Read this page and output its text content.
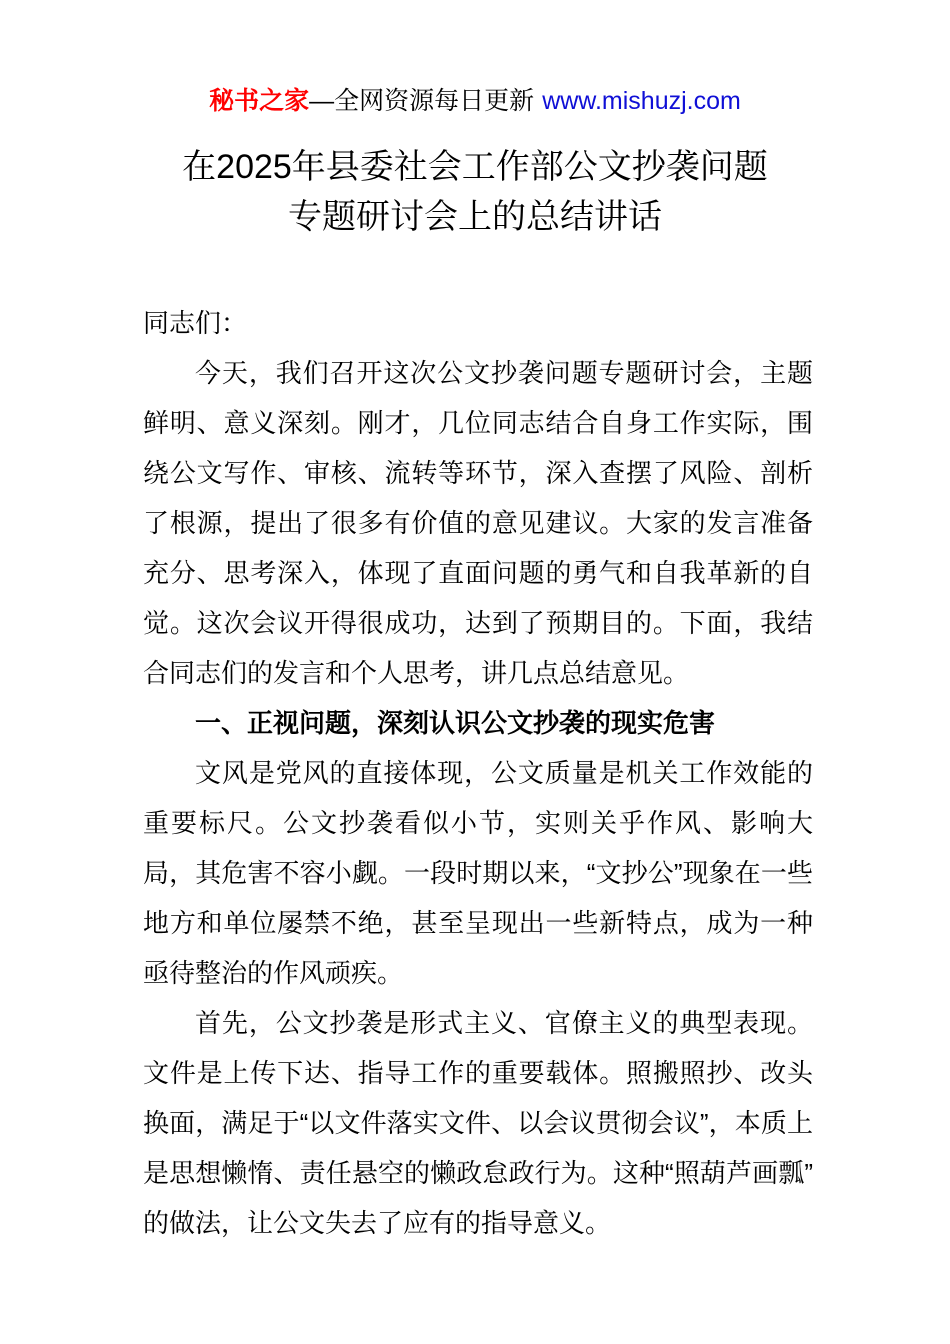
秘书之家—全网资源每日更新 www.mishuzj.com
在2025年县委社会工作部公文抄袭问题
专题研讨会上的总结讲话

同志们：

今天，我们召开这次公文抄袭问题专题研讨会，主题鲜明、意义深刻。刚才，几位同志结合自身工作实际，围绕公文写作、审核、流转等环节，深入查摆了风险、剖析了根源，提出了很多有价值的意见建议。大家的发言准备充分、思考深入，体现了直面问题的勇气和自我革新的自觉。这次会议开得很成功，达到了预期目的。下面，我结合同志们的发言和个人思考，讲几点总结意见。

一、正视问题，深刻认识公文抄袭的现实危害

文风是党风的直接体现，公文质量是机关工作效能的重要标尺。公文抄袭看似小节，实则关乎作风、影响大局，其危害不容小觑。一段时期以来，“文抄公”现象在一些地方和单位屡禁不绝，甚至呈现出一些新特点，成为一种亟待整治的作风顽疾。

首先，公文抄袭是形式主义、官僚主义的典型表现。文件是上传下达、指导工作的重要载体。照搬照抄、改头换面，满足于“以文件落实文件、以会议贯彻会议”，本质上是思想懒惰、责任悬空的懒政怠政行为。这种“照葫芦画瓢”的做法，让公文失去了应有的指导意义。
